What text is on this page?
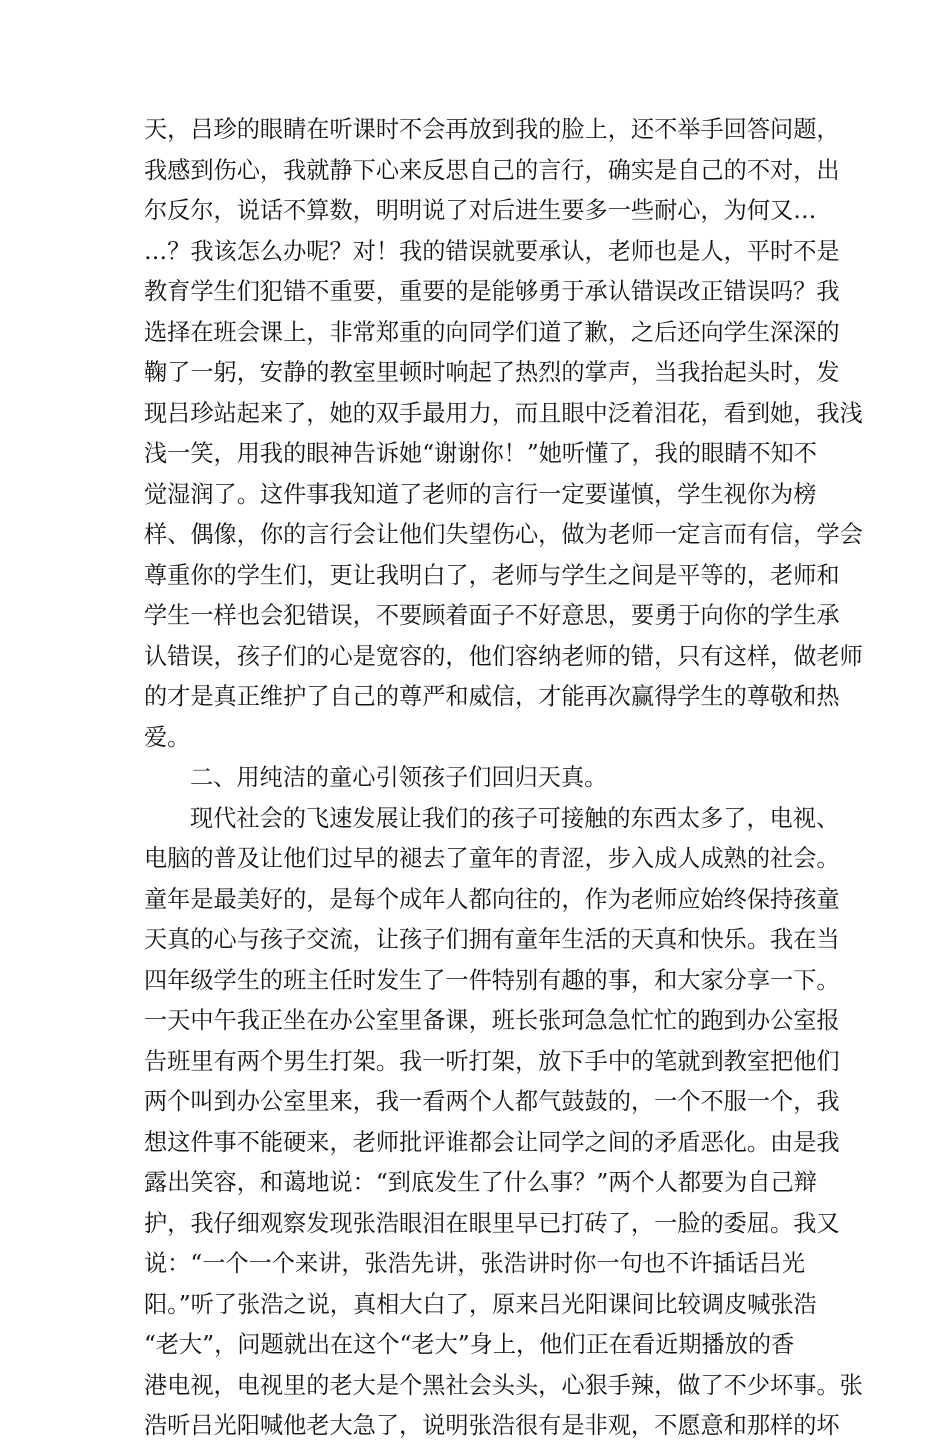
天，吕珍的眼睛在听课时不会再放到我的脸上，还不举手回答问题，
我感到伤心，我就静下心来反思自己的言行，确实是自己的不对，出
尔反尔，说话不算数，明明说了对后进生要多一些耐心，为何又…
…？我该怎么办呢？对！我的错误就要承认，老师也是人，平时不是
教育学生们犯错不重要，重要的是能够勇于承认错误改正错误吗？我
选择在班会课上，非常郑重的向同学们道了歉，之后还向学生深深的
鞠了一躬，安静的教室里顿时响起了热烈的掌声，当我抬起头时，发
现吕珍站起来了，她的双手最用力，而且眼中泛着泪花，看到她，我浅
浅一笑，用我的眼神告诉她“谢谢你！”她听懂了，我的眼睛不知不
觉湿润了。这件事我知道了老师的言行一定要谨慎，学生视你为榜
样、偶像，你的言行会让他们失望伤心，做为老师一定言而有信，学会
尊重你的学生们，更让我明白了，老师与学生之间是平等的，老师和
学生一样也会犯错误，不要顾着面子不好意思，要勇于向你的学生承
认错误，孩子们的心是宽容的，他们容纳老师的错，只有这样，做老师
的才是真正维护了自己的尊严和威信，才能再次赢得学生的尊敬和热
爱。
二、用纯洁的童心引领孩子们回归天真。
现代社会的飞速发展让我们的孩子可接触的东西太多了，电视、
电脑的普及让他们过早的褪去了童年的青涩，步入成人成熟的社会。
童年是最美好的，是每个成年人都向往的，作为老师应始终保持孩童
天真的心与孩子交流，让孩子们拥有童年生活的天真和快乐。我在当
四年级学生的班主任时发生了一件特别有趣的事，和大家分享一下。
一天中午我正坐在办公室里备课，班长张珂急急忙忙的跑到办公室报
告班里有两个男生打架。我一听打架，放下手中的笔就到教室把他们
两个叫到办公室里来，我一看两个人都气鼓鼓的，一个不服一个，我
想这件事不能硬来，老师批评谁都会让同学之间的矛盾恶化。由是我
露出笑容，和蔼地说：“到底发生了什么事？”两个人都要为自己辩
护，我仔细观察发现张浩眼泪在眼里早已打砖了，一脸的委屈。我又
说：“一个一个来讲，张浩先讲，张浩讲时你一句也不许插话吕光
阳。”听了张浩之说，真相大白了，原来吕光阳课间比较调皮喊张浩
“老大”，问题就出在这个“老大”身上，他们正在看近期播放的香
港电视，电视里的老大是个黑社会头头，心狠手辣，做了不少坏事。张
浩听吕光阳喊他老大急了，说明张浩很有是非观，不愿意和那样的坏
